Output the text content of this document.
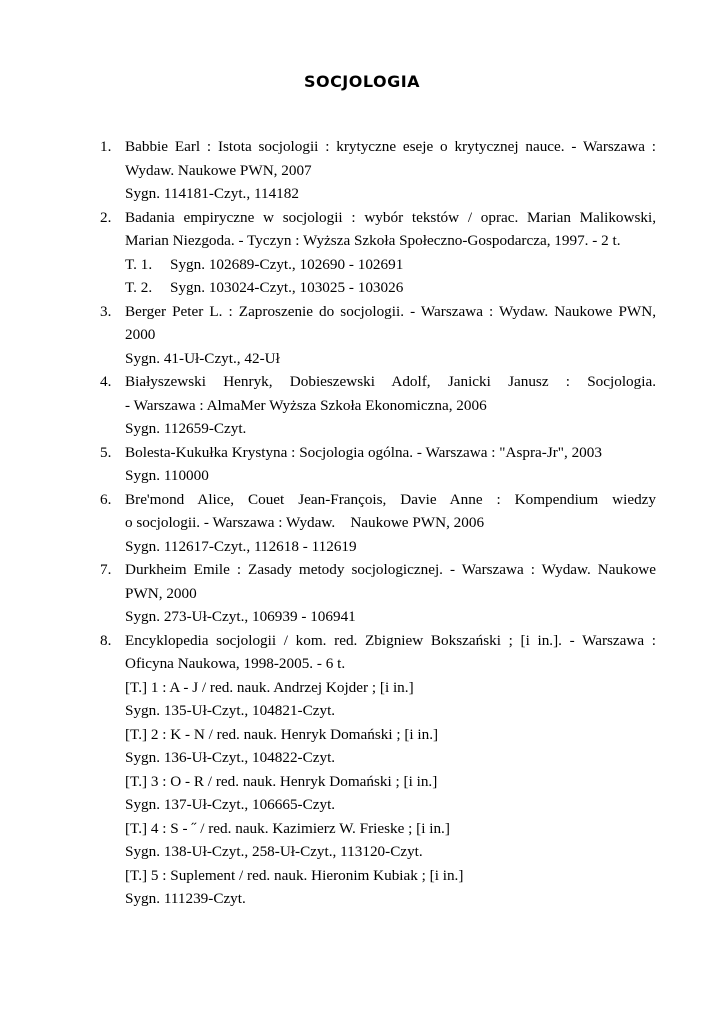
SOCJOLOGIA
1. Babbie Earl : Istota socjologii : krytyczne eseje o krytycznej nauce. - Warszawa :
Wydaw. Naukowe PWN, 2007
Sygn. 114181-Czyt., 114182
2. Badania empiryczne w socjologii : wybór tekstów / oprac. Marian Malikowski,
Marian Niezgoda. - Tyczyn : Wyższa Szkoła Społeczno-Gospodarcza, 1997. - 2 t.
T. 1. Sygn. 102689-Czyt., 102690 - 102691
T. 2. Sygn. 103024-Czyt., 103025 - 103026
3. Berger Peter L. : Zaproszenie do socjologii. - Warszawa : Wydaw. Naukowe PWN,
2000
Sygn. 41-Uł-Czyt., 42-Uł
4. Białyszewski Henryk, Dobieszewski Adolf, Janicki Janusz : Socjologia.
- Warszawa : AlmaMer Wyższa Szkoła Ekonomiczna, 2006
Sygn. 112659-Czyt.
5. Bolesta-Kukułka Krystyna : Socjologia ogólna. - Warszawa : "Aspra-Jr", 2003
Sygn. 110000
6. Bre'mond Alice, Couet Jean-François, Davie Anne : Kompendium wiedzy
o socjologii. - Warszawa : Wydaw.    Naukowe PWN, 2006
Sygn. 112617-Czyt., 112618 - 112619
7. Durkheim Emile : Zasady metody socjologicznej. - Warszawa : Wydaw. Naukowe
PWN, 2000
Sygn. 273-Uł-Czyt., 106939 - 106941
8. Encyklopedia socjologii / kom. red. Zbigniew Bokszański ; [i in.]. - Warszawa :
Oficyna Naukowa, 1998-2005. - 6 t.
[T.] 1 : A - J / red. nauk. Andrzej Kojder ; [i in.]
Sygn. 135-Uł-Czyt., 104821-Czyt.
[T.] 2 : K - N / red. nauk. Henryk Domański ; [i in.]
Sygn. 136-Uł-Czyt., 104822-Czyt.
[T.] 3 : O - R / red. nauk. Henryk Domański ; [i in.]
Sygn. 137-Uł-Czyt., 106665-Czyt.
[T.] 4 : S - ˝ / red. nauk. Kazimierz W. Frieske ; [i in.]
Sygn. 138-Uł-Czyt., 258-Uł-Czyt., 113120-Czyt.
[T.] 5 : Suplement / red. nauk. Hieronim Kubiak ; [i in.]
Sygn. 111239-Czyt.
